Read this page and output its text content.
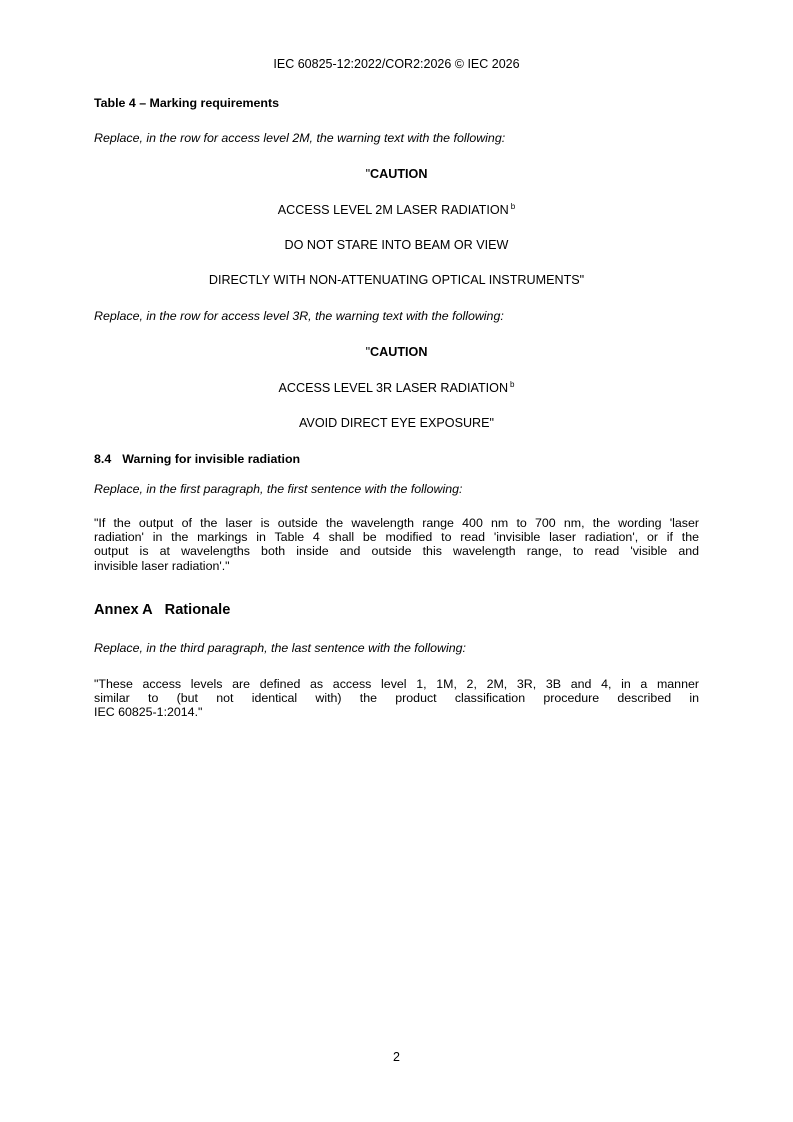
IEC 60825-12:2022/COR2:2026 © IEC 2026
Table 4 – Marking requirements
Replace, in the row for access level 2M, the warning text with the following:
"CAUTION
ACCESS LEVEL 2M LASER RADIATION $^b$
DO NOT STARE INTO BEAM OR VIEW
DIRECTLY WITH NON-ATTENUATING OPTICAL INSTRUMENTS"
Replace, in the row for access level 3R, the warning text with the following:
"CAUTION
ACCESS LEVEL 3R LASER RADIATION $^b$
AVOID DIRECT EYE EXPOSURE"
8.4 Warning for invisible radiation
Replace, in the first paragraph, the first sentence with the following:
"If the output of the laser is outside the wavelength range 400 nm to 700 nm, the wording 'laser
radiation' in the markings in Table 4 shall be modified to read 'invisible laser radiation', or if the
output is at wavelengths both inside and outside this wavelength range, to read 'visible and
invisible laser radiation'."
Annex A Rationale
Replace, in the third paragraph, the last sentence with the following:
"These access levels are defined as access level 1, 1M, 2, 2M, 3R, 3B and 4, in a manner
similar to (but not identical with) the product classification procedure described in
IEC 60825-1:2014."
2
